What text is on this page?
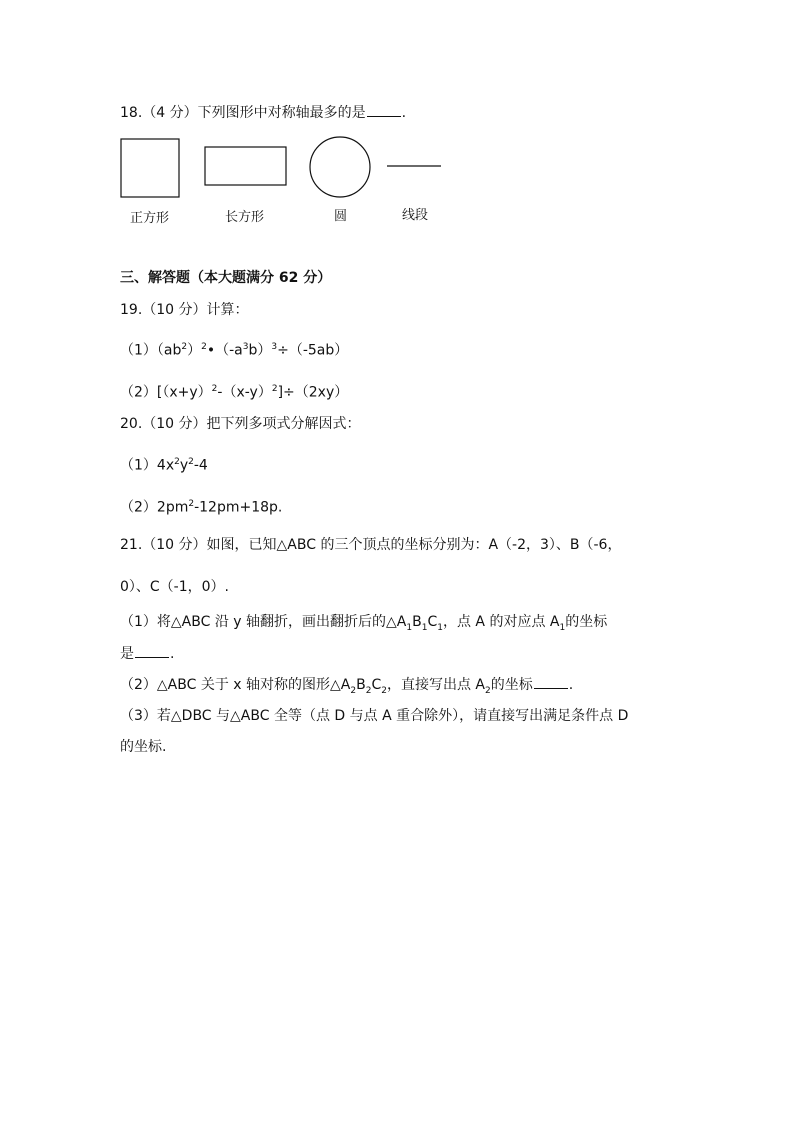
18.（4 分）下列图形中对称轴最多的是	.
正方形	长方形	圆	线段
三、解答题（本大题满分 62 分）
19.（10 分）计算：
$(1)(ab^2)^2•(-a^3b)^3\div(-5ab)$
$(2)[(x+y)^2-(x-y)^2]\div(2xy)$
20.（10 分）把下列多项式分解因式：
$(1)4x^2y^2-4$
$(2)2pm^2-12pm+18p$.
21.（10 分）如图，已知△ABC 的三个顶点的坐标分别为：A（-2，3）、B（-6，
0）、C（-1，0）.
（1）将△ABC 沿 y 轴翻折，画出翻折后的$\triangle A_1B_1C_1$，点 A 的对应点 $A_1$的坐标
是	.
（2）△ABC 关于 x 轴对称的图形$\triangle A_2B_2C_2$，直接写出点 $A_2$的坐标	.
（3）若△DBC 与△ABC 全等（点 D 与点 A 重合除外），请直接写出满足条件点 D
的坐标.
